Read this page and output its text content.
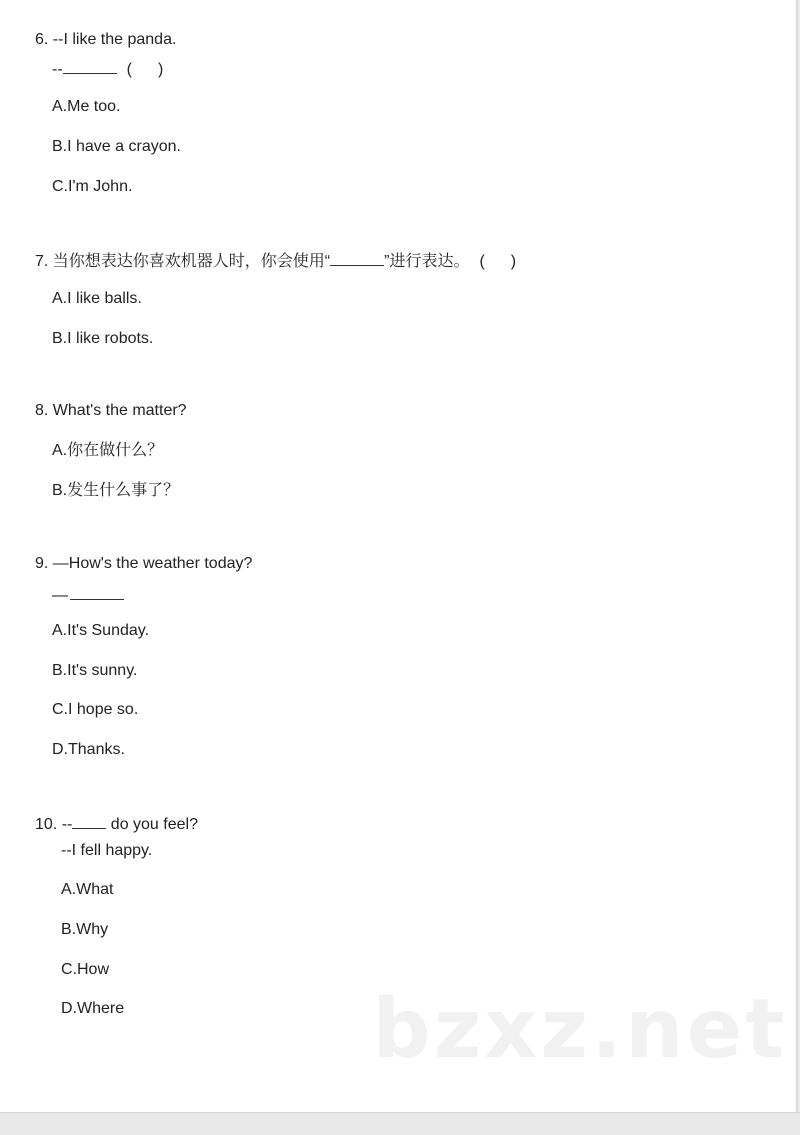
6. --I like the panda.
--	( )
A.Me too.
B.I have a crayon.
C.I'm John.
7. 当你想表达你喜欢机器人时，你会使用“	”进行表达。 ( )
A.I like balls.
B.I like robots.
8. What's the matter?
A.你在做什么？
B.发生什么事了？
9. —How's the weather today?
—
A.It's Sunday.
B.It's sunny.
C.I hope so.
D.Thanks.
10. -- do you feel?
--I fell happy.
A.What
B.Why
C.How
D.Where	bzxz.net
